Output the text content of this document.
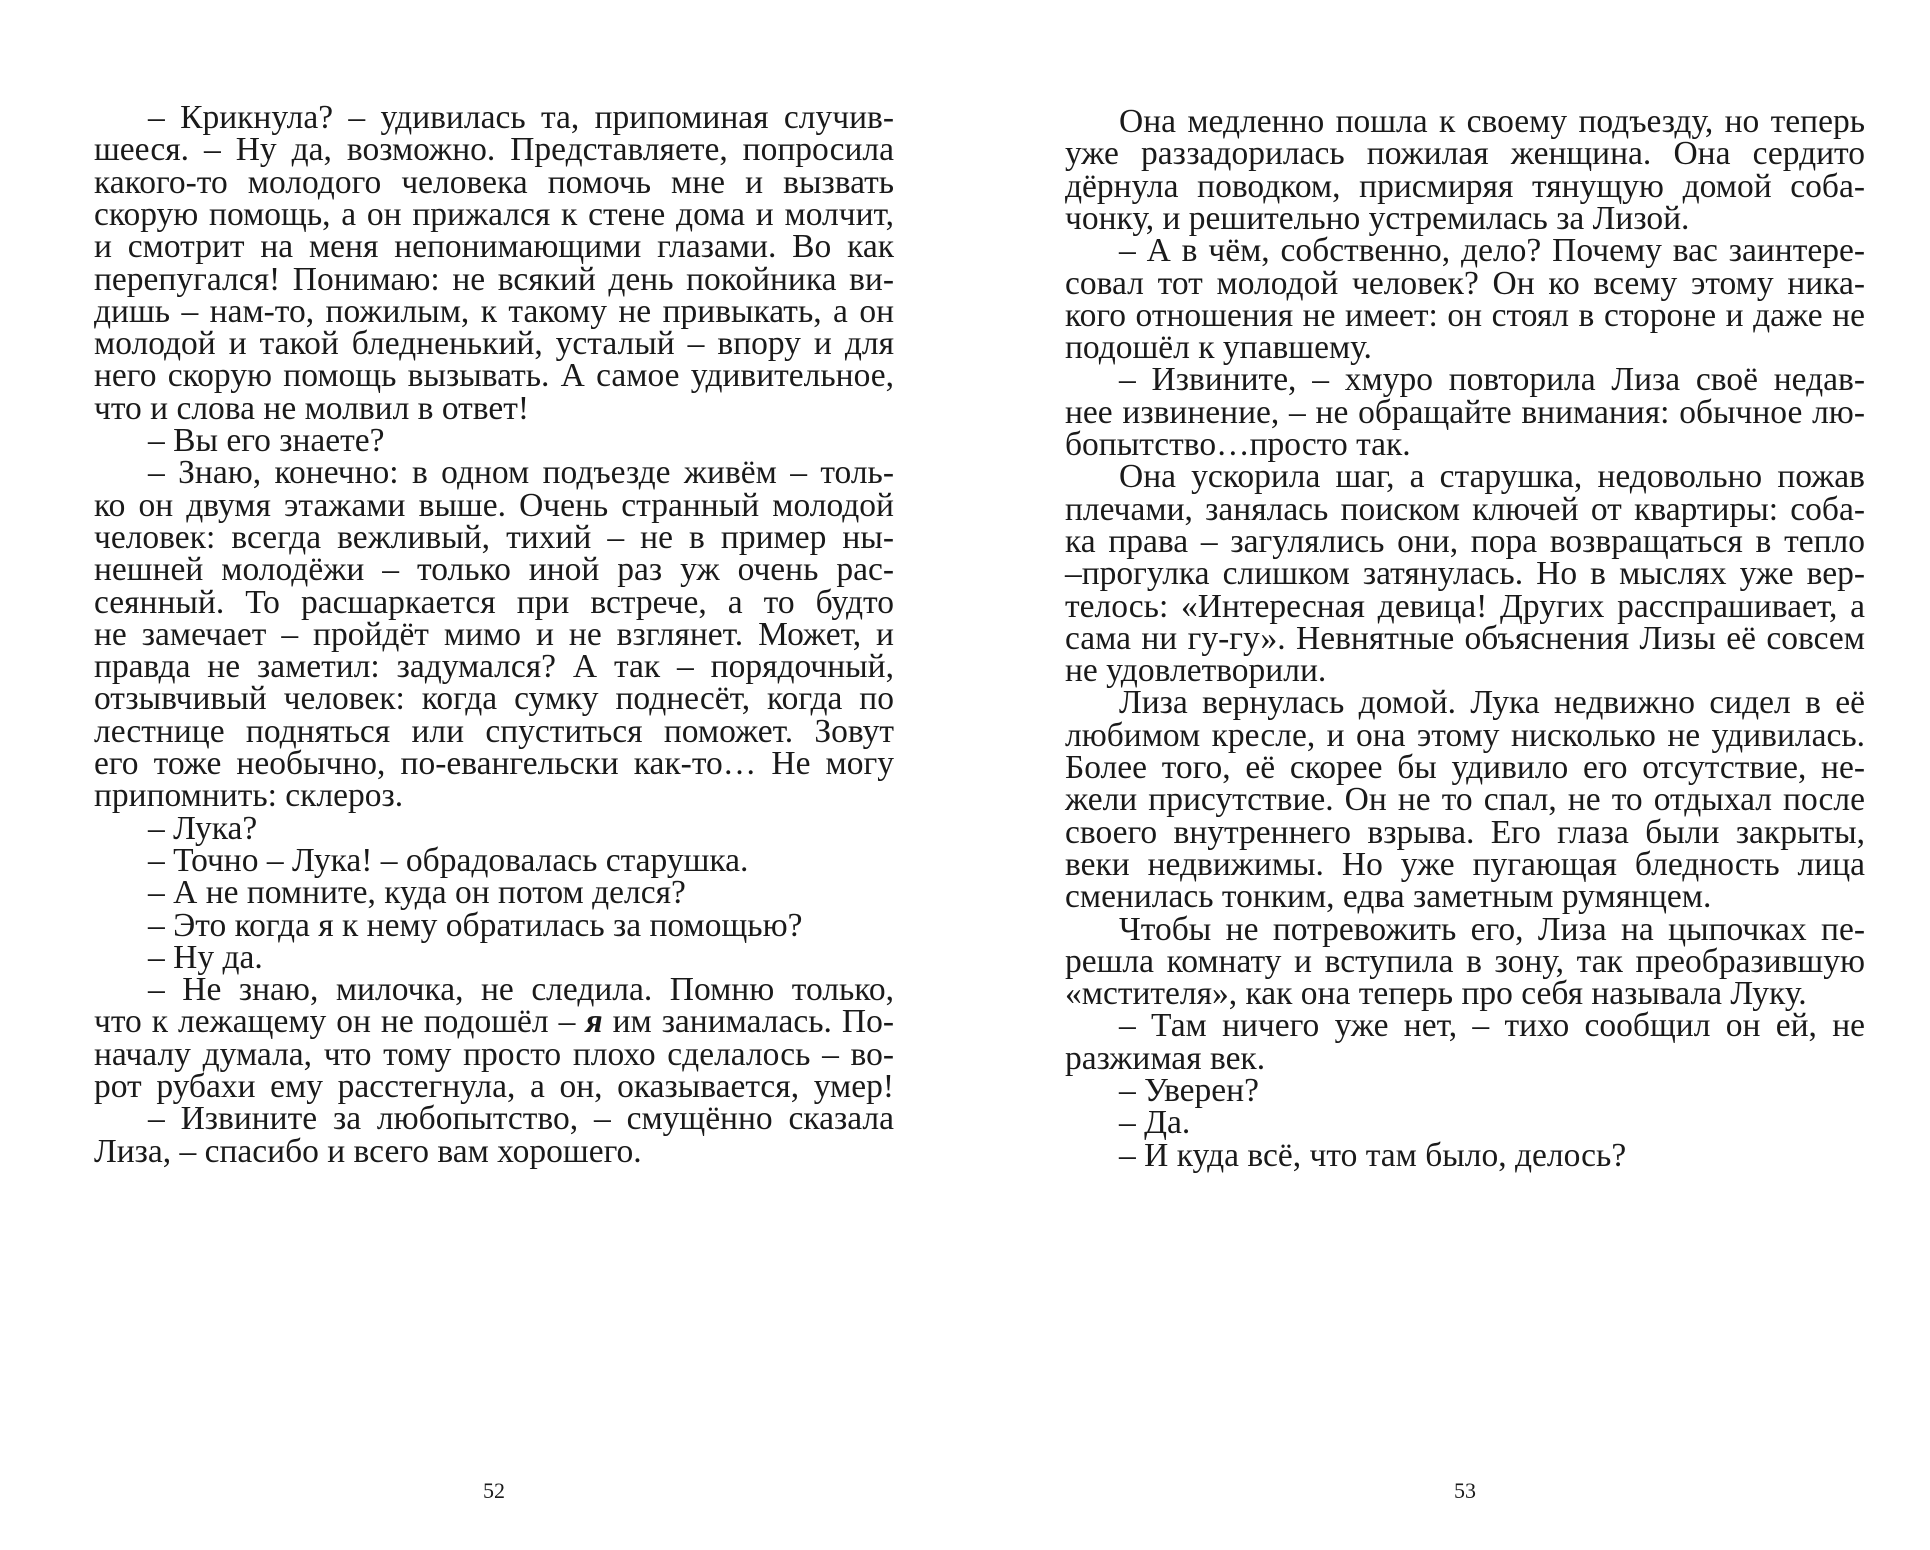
– Крикнула? – удивилась та, припоминая случив-
шееся. – Ну да, возможно. Представляете, попросила
какого-то молодого человека помочь мне и вызвать
скорую помощь, а он прижался к стене дома и молчит,
и смотрит на меня непонимающими глазами. Во как
перепугался! Понимаю: не всякий день покойника ви-
дишь – нам-то, пожилым, к такому не привыкать, а он
молодой и такой бледненький, усталый – впору и для
него скорую помощь вызывать. А самое удивительное,
что и слова не молвил в ответ!
– Вы его знаете?
– Знаю, конечно: в одном подъезде живём – толь-
ко он двумя этажами выше. Очень странный молодой
человек: всегда вежливый, тихий – не в пример ны-
нешней молодёжи – только иной раз уж очень рас-
сеянный. То расшаркается при встрече, а то будто
не замечает – пройдёт мимо и не взглянет. Может, и
правда не заметил: задумался? А так – порядочный,
отзывчивый человек: когда сумку поднесёт, когда по
лестнице подняться или спуститься поможет. Зовут
его тоже необычно, по-евангельски как-то… Не могу
припомнить: склероз.
– Лука?
– Точно – Лука! – обрадовалась старушка.
– А не помните, куда он потом делся?
– Это когда я к нему обратилась за помощью?
– Ну да.
– Не знаю, милочка, не следила. Помню только,
что к лежащему он не подошёл – я им занималась. По-
началу думала, что тому просто плохо сделалось – во-
рот рубахи ему расстегнула, а он, оказывается, умер!
– Извините за любопытство, – смущённо сказала
Лиза, – спасибо и всего вам хорошего.
Она медленно пошла к своему подъезду, но теперь
уже раззадорилась пожилая женщина. Она сердито
дёрнула поводком, присмиряя тянущую домой соба-
чонку, и решительно устремилась за Лизой.
– А в чём, собственно, дело? Почему вас заинтере-
совал тот молодой человек? Он ко всему этому ника-
кого отношения не имеет: он стоял в стороне и даже не
подошёл к упавшему.
– Извините, – хмуро повторила Лиза своё недав-
нее извинение, – не обращайте внимания: обычное лю-
бопытство…просто так.
Она ускорила шаг, а старушка, недовольно пожав
плечами, занялась поиском ключей от квартиры: соба-
ка права – загулялись они, пора возвращаться в тепло
–прогулка слишком затянулась. Но в мыслях уже вер-
телось: «Интересная девица! Других расспрашивает, а
сама ни гу-гу». Невнятные объяснения Лизы её совсем
не удовлетворили.
Лиза вернулась домой. Лука недвижно сидел в её
любимом кресле, и она этому нисколько не удивилась.
Более того, её скорее бы удивило его отсутствие, не-
жели присутствие. Он не то спал, не то отдыхал после
своего внутреннего взрыва. Его глаза были закрыты,
веки недвижимы. Но уже пугающая бледность лица
сменилась тонким, едва заметным румянцем.
Чтобы не потревожить его, Лиза на цыпочках пе-
решла комнату и вступила в зону, так преобразившую
«мстителя», как она теперь про себя называла Луку.
– Там ничего уже нет, – тихо сообщил он ей, не
разжимая век.
– Уверен?
– Да.
– И куда всё, что там было, делось?
52	53
